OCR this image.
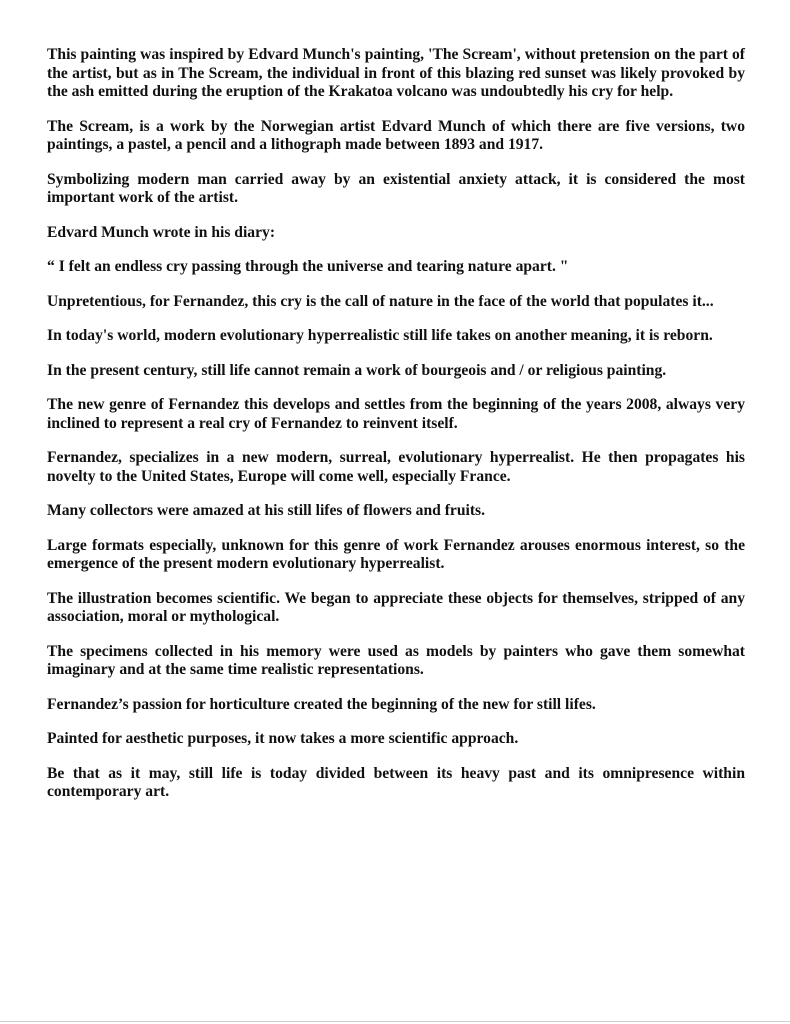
This painting was inspired by Edvard Munch's painting, 'The Scream', without pretension on the part of the artist, but as in The Scream, the individual in front of this blazing red sunset was likely provoked by the ash emitted during the eruption of the Krakatoa volcano was undoubtedly his cry for help.

The Scream, is a work by the Norwegian artist Edvard Munch of which there are five versions, two paintings, a pastel, a pencil and a lithograph made between 1893 and 1917.

Symbolizing modern man carried away by an existential anxiety attack, it is considered the most important work of the artist.

Edvard Munch wrote in his diary:

“ I felt an endless cry passing through the universe and tearing nature apart. "

Unpretentious, for Fernandez, this cry is the call of nature in the face of the world that populates it...

In today's world, modern evolutionary hyperrealistic still life takes on another meaning, it is reborn.

In the present century, still life cannot remain a work of bourgeois and / or religious painting.

The new genre of Fernandez this develops and settles from the beginning of the years 2008, always very inclined to represent a real cry of Fernandez to reinvent itself.

Fernandez, specializes in a new modern, surreal, evolutionary hyperrealist. He then propagates his novelty to the United States, Europe will come well, especially France.

Many collectors were amazed at his still lifes of flowers and fruits.

Large formats especially, unknown for this genre of work Fernandez arouses enormous interest, so the emergence of the present modern evolutionary hyperrealist.

The illustration becomes scientific. We began to appreciate these objects for themselves, stripped of any association, moral or mythological.

The specimens collected in his memory were used as models by painters who gave them somewhat imaginary and at the same time realistic representations.

Fernandez’s passion for horticulture created the beginning of the new for still lifes.

Painted for aesthetic purposes, it now takes a more scientific approach.

Be that as it may, still life is today divided between its heavy past and its omnipresence within contemporary art.
